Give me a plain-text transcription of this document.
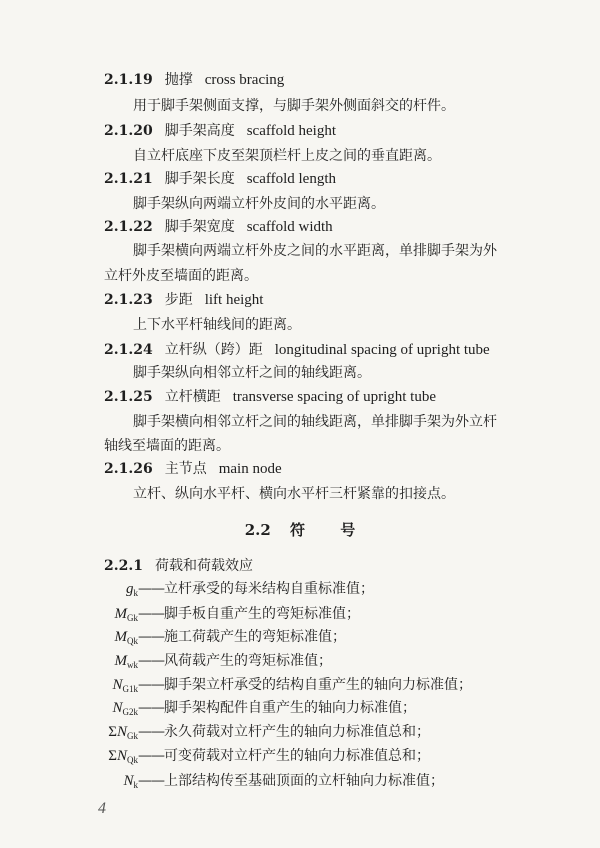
2.1.19 抛撑 cross bracing
用于脚手架侧面支撑，与脚手架外侧面斜交的杆件。
2.1.20 脚手架高度 scaffold height
自立杆底座下皮至架顶栏杆上皮之间的垂直距离。
2.1.21 脚手架长度 scaffold length
脚手架纵向两端立杆外皮间的水平距离。
2.1.22 脚手架宽度 scaffold width
脚手架横向两端立杆外皮之间的水平距离，单排脚手架为外
立杆外皮至墙面的距离。
2.1.23 步距 lift height
上下水平杆轴线间的距离。
2.1.24 立杆纵（跨）距 longitudinal spacing of upright tube
脚手架纵向相邻立杆之间的轴线距离。
2.1.25 立杆横距 transverse spacing of upright tube
脚手架横向相邻立杆之间的轴线距离，单排脚手架为外立杆
轴线至墙面的距离。
2.1.26 主节点 main node
立杆、纵向水平杆、横向水平杆三杆紧靠的扣接点。
2.2 符 号
2.2.1 荷载和荷载效应
$g_k——$立杆承受的每米结构自重标准值；
$M_{Gk}——$脚手板自重产生的弯矩标准值；
$M_{Qk}——$施工荷载产生的弯矩标准值；
$M_{wk}——$风荷载产生的弯矩标准值；
$N_{G1k}——$脚手架立杆承受的结构自重产生的轴向力标准值；
$N_{G2k}——$脚手架构配件自重产生的轴向力标准值；
$\Sigma N_{Gk}——$永久荷载对立杆产生的轴向力标准值总和；
$\Sigma N_{Qk}——$可变荷载对立杆产生的轴向力标准值总和；
$N_k——$上部结构传至基础顶面的立杆轴向力标准值；
4
